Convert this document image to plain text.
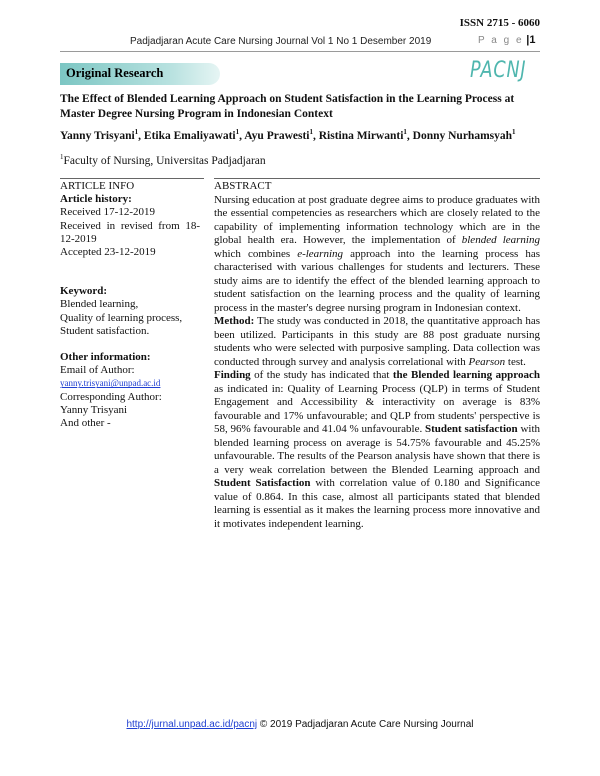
ISSN 2715 - 6060
Padjadjaran Acute Care Nursing Journal Vol 1 No 1 Desember 2019	P a g e |1
Original Research	PACNJ
The Effect of Blended Learning Approach on Student Satisfaction in the Learning Process at Master Degree Nursing Program in Indonesian Context
Yanny Trisyani$^1$, Etika Emaliyawati$^1$, Ayu Prawesti$^1$, Ristina Mirwanti$^1$, Donny Nurhamsyah$^1$
$^1$Faculty of Nursing, Universitas Padjadjaran
ARTICLE INFO
Article history:
Received 17-12-2019
Received in revised from 18-12-2019
Accepted 23-12-2019
Keyword:
Blended learning,
Quality of learning process,
Student satisfaction.
Other information:
Email of Author:
yanny.trisyani@unpad.ac.id
Corresponding Author:
Yanny Trisyani
And other -
ABSTRACT

Nursing education at post graduate degree aims to produce graduates with the essential competencies as researchers which are closely related to the capability of implementing information technology which are in the global health era. However, the implementation of blended learning which combines e-learning approach into the learning process has characterised with various challenges for students and lecturers. These study aims are to identify the effect of the blended learning approach to student satisfaction on the learning process and the quality of learning process in the master's degree nursing program in Indonesian context.

Method: The study was conducted in 2018, the quantitative approach has been utilized. Participants in this study are 88 post graduate nursing students who were selected with purposive sampling. Data collection was conducted through survey and analysis correlational with Pearson test.

Finding of the study has indicated that the Blended learning approach as indicated in: Quality of Learning Process (QLP) in terms of Student Engagement and Accessibility & interactivity on average is 83% favourable and 17% unfavourable; and QLP from students' perspective is 58, 96% favourable and 41.04 % unfavourable. Student satisfaction with blended learning process on average is 54.75% favourable and 45.25% unfavourable. The results of the Pearson analysis have shown that there is a very weak correlation between the Blended Learning approach and Student Satisfaction with correlation value of 0.180 and Significance value of 0.864. In this case, almost all participants stated that blended learning is essential as it makes the learning process more innovative and it motivates independent learning.

http://jurnal.unpad.ac.id/pacnj © 2019 Padjadjaran Acute Care Nursing Journal
